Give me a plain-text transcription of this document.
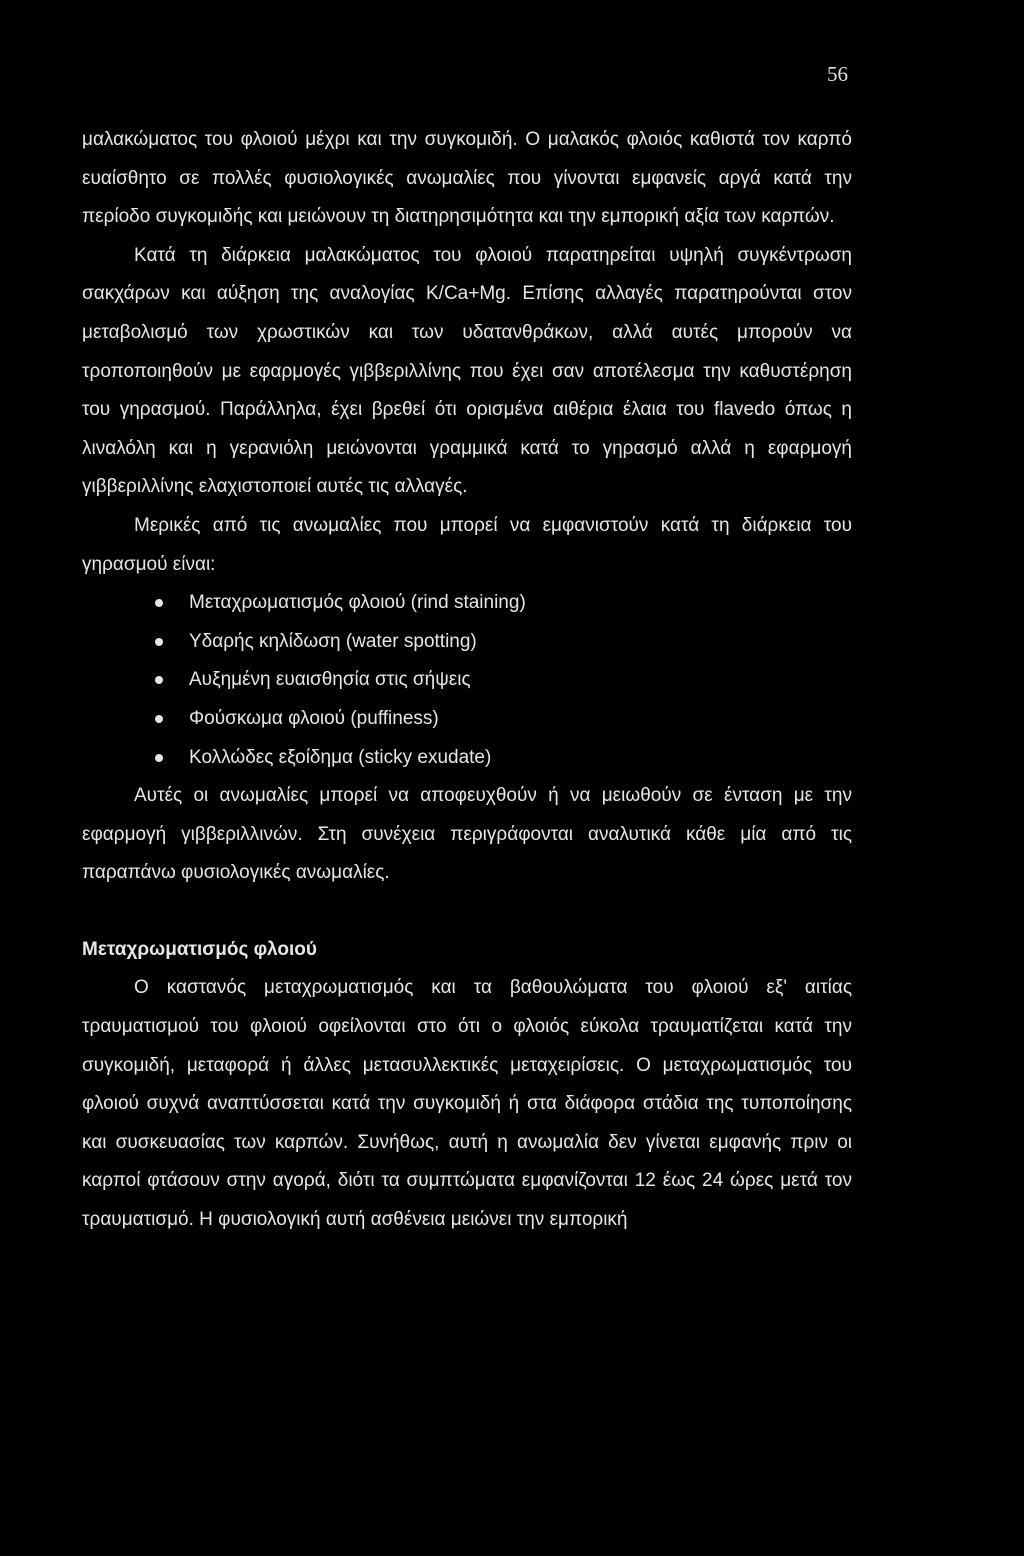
56

μαλακώματος του φλοιού μέχρι και την συγκομιδή. Ο μαλακός φλοιός καθιστά τον καρπό ευαίσθητο σε πολλές φυσιολογικές ανωμαλίες που γίνονται εμφανείς αργά κατά την περίοδο συγκομιδής και μειώνουν τη διατηρησιμότητα και την εμπορική αξία των καρπών.

Κατά τη διάρκεια μαλακώματος του φλοιού παρατηρείται υψηλή συγκέντρωση σακχάρων και αύξηση της αναλογίας K/Ca+Mg. Επίσης αλλαγές παρατηρούνται στον μεταβολισμό των χρωστικών και των υδατανθράκων, αλλά αυτές μπορούν να τροποποιηθούν με εφαρμογές γιββεριλλίνης που έχει σαν αποτέλεσμα την καθυστέρηση του γηρασμού. Παράλληλα, έχει βρεθεί ότι ορισμένα αιθέρια έλαια του flavedo όπως η λιναλόλη και η γερανιόλη μειώνονται γραμμικά κατά το γηρασμό αλλά η εφαρμογή γιββεριλλίνης ελαχιστοποιεί αυτές τις αλλαγές.

Μερικές από τις ανωμαλίες που μπορεί να εμφανιστούν κατά τη διάρκεια του γηρασμού είναι:

Μεταχρωματισμός φλοιού (rind staining)
Υδαρής κηλίδωση (water spotting)
Αυξημένη ευαισθησία στις σήψεις
Φούσκωμα φλοιού (puffiness)
Κολλώδες εξοίδημα (sticky exudate)

Αυτές οι ανωμαλίες μπορεί να αποφευχθούν ή να μειωθούν σε ένταση με την εφαρμογή γιββεριλλινών. Στη συνέχεια περιγράφονται αναλυτικά κάθε μία από τις παραπάνω φυσιολογικές ανωμαλίες.

Μεταχρωματισμός φλοιού

Ο καστανός μεταχρωματισμός και τα βαθουλώματα του φλοιού εξ' αιτίας τραυματισμού του φλοιού οφείλονται στο ότι ο φλοιός εύκολα τραυματίζεται κατά την συγκομιδή, μεταφορά ή άλλες μετασυλλεκτικές μεταχειρίσεις. Ο μεταχρωματισμός του φλοιού συχνά αναπτύσσεται κατά την συγκομιδή ή στα διάφορα στάδια της τυποποίησης και συσκευασίας των καρπών. Συνήθως, αυτή η ανωμαλία δεν γίνεται εμφανής πριν οι καρποί φτάσουν στην αγορά, διότι τα συμπτώματα εμφανίζονται 12 έως 24 ώρες μετά τον τραυματισμό. Η φυσιολογική αυτή ασθένεια μειώνει την εμπορική
